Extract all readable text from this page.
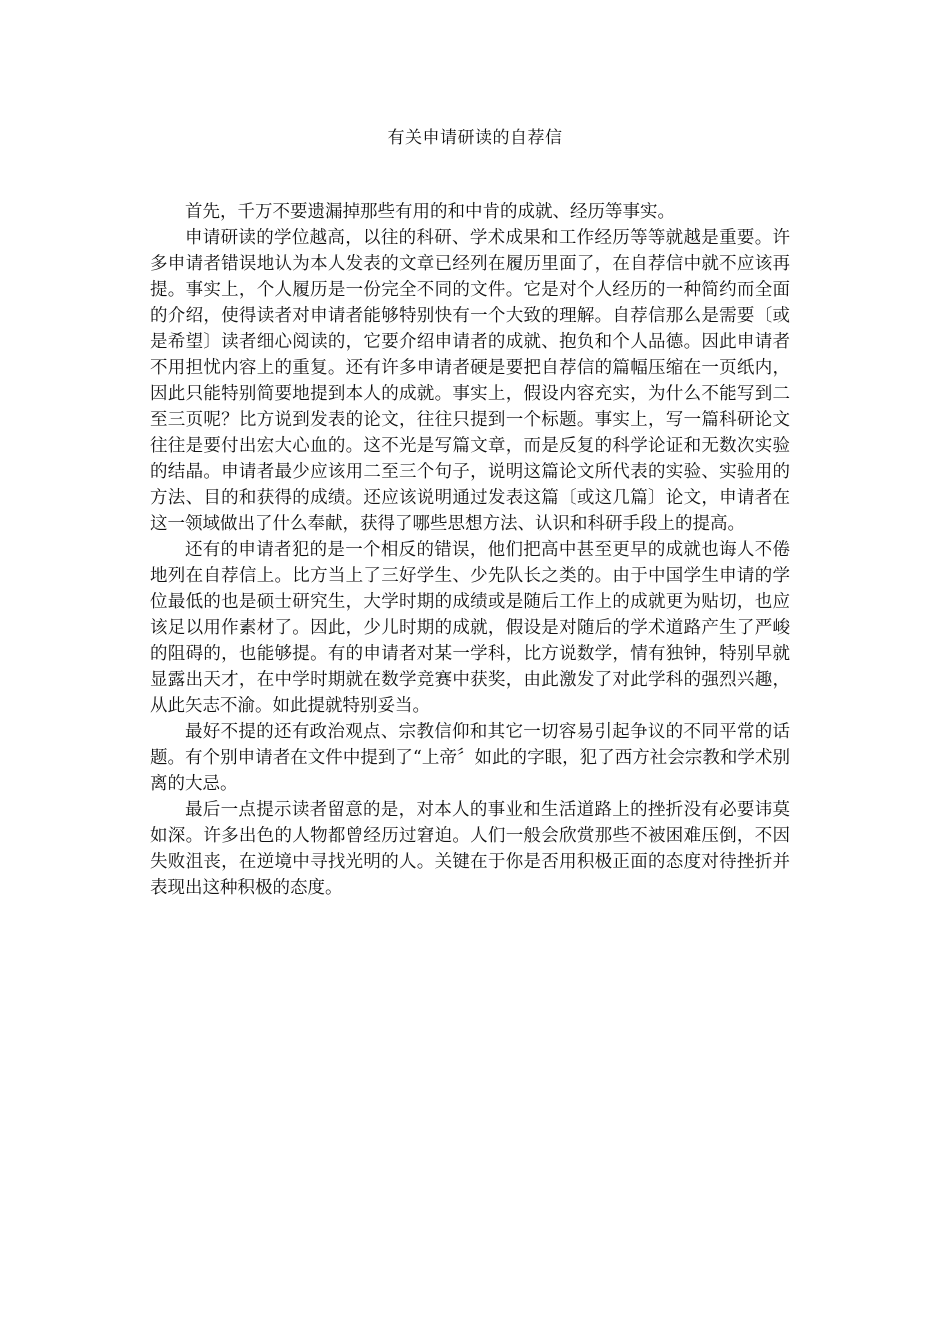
有关申请研读的自荐信

首先，千万不要遗漏掉那些有用的和中肯的成就、经历等事实。

申请研读的学位越高，以往的科研、学术成果和工作经历等等就越是重要。许多申请者错误地认为本人发表的文章已经列在履历里面了，在自荐信中就不应该再提。事实上，个人履历是一份完全不同的文件。它是对个人经历的一种简约而全面的介绍，使得读者对申请者能够特别快有一个大致的理解。自荐信那么是需要〔或是希望〕读者细心阅读的，它要介绍申请者的成就、抱负和个人品德。因此申请者不用担忧内容上的重复。还有许多申请者硬是要把自荐信的篇幅压缩在一页纸内，因此只能特别简要地提到本人的成就。事实上，假设内容充实，为什么不能写到二至三页呢？比方说到发表的论文，往往只提到一个标题。事实上，写一篇科研论文往往是要付出宏大心血的。这不光是写篇文章，而是反复的科学论证和无数次实验的结晶。申请者最少应该用二至三个句子，说明这篇论文所代表的实验、实验用的方法、目的和获得的成绩。还应该说明通过发表这篇〔或这几篇〕论文，申请者在这一领域做出了什么奉献，获得了哪些思想方法、认识和科研手段上的提高。

还有的申请者犯的是一个相反的错误，他们把高中甚至更早的成就也诲人不倦地列在自荐信上。比方当上了三好学生、少先队长之类的。由于中国学生申请的学位最低的也是硕士研究生，大学时期的成绩或是随后工作上的成就更为贴切，也应该足以用作素材了。因此，少儿时期的成就，假设是对随后的学术道路产生了严峻的阻碍的，也能够提。有的申请者对某一学科，比方说数学，情有独钟，特别早就显露出天才，在中学时期就在数学竞赛中获奖，由此激发了对此学科的强烈兴趣，从此矢志不渝。如此提就特别妥当。

最好不提的还有政治观点、宗教信仰和其它一切容易引起争议的不同平常的话题。有个别申请者在文件中提到了“上帝〞如此的字眼，犯了西方社会宗教和学术别离的大忌。

最后一点提示读者留意的是，对本人的事业和生活道路上的挫折没有必要讳莫如深。许多出色的人物都曾经历过窘迫。人们一般会欣赏那些不被困难压倒，不因失败沮丧，在逆境中寻找光明的人。关键在于你是否用积极正面的态度对待挫折并表现出这种积极的态度。
